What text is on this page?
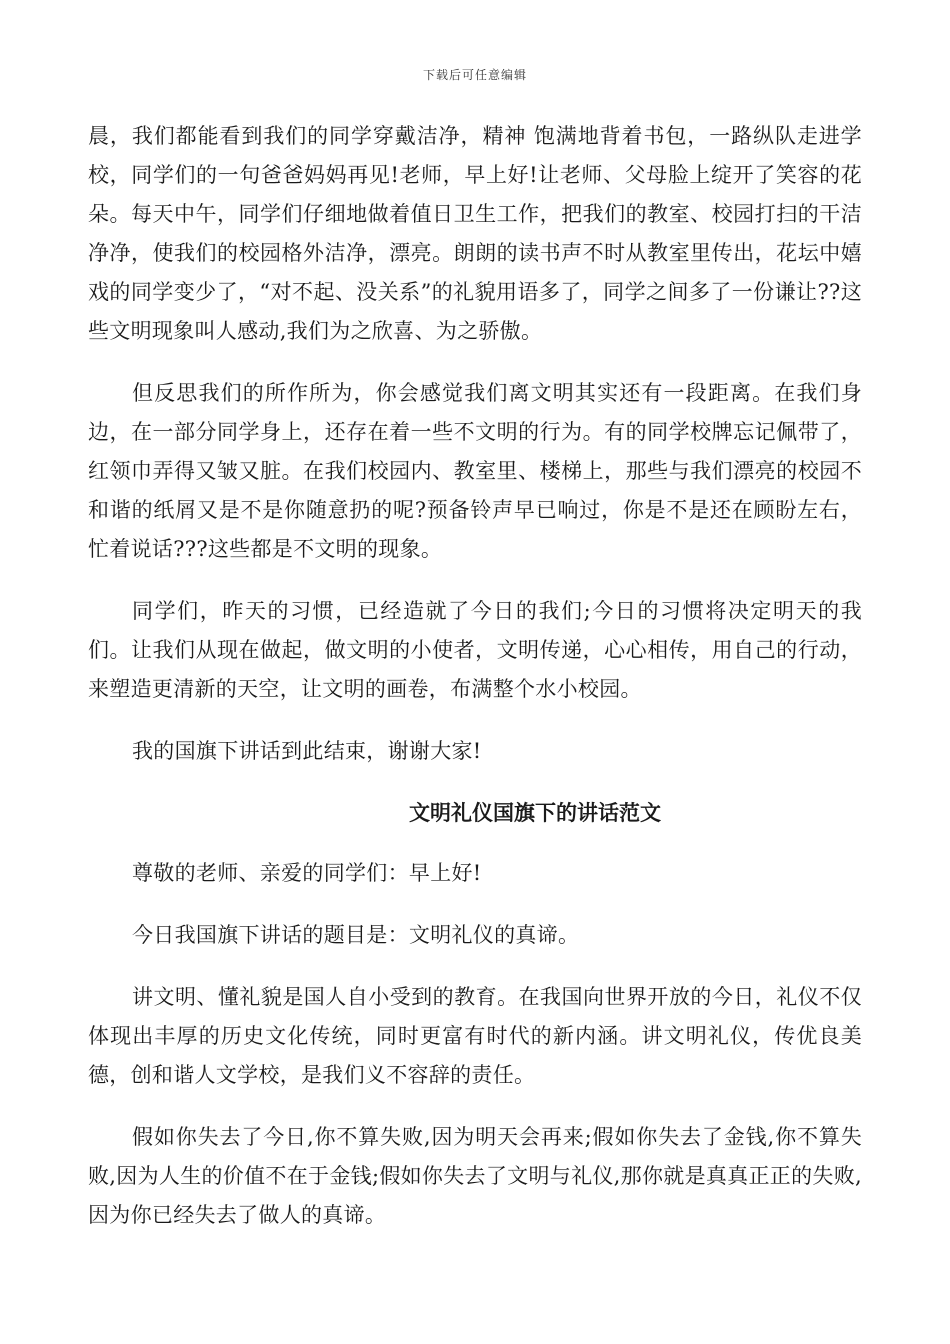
下载后可任意编辑

晨，我们都能看到我们的同学穿戴洁净，精神 饱满地背着书包，一路纵队走进学校，同学们的一句爸爸妈妈再见!老师，早上好!让老师、父母脸上绽开了笑容的花朵。每天中午，同学们仔细地做着值日卫生工作，把我们的教室、校园打扫的干洁净净，使我们的校园格外洁净，漂亮。朗朗的读书声不时从教室里传出，花坛中嬉戏的同学变少了，“对不起、没关系”的礼貌用语多了，同学之间多了一份谦让??这些文明现象叫人感动,我们为之欣喜、为之骄傲。

但反思我们的所作所为，你会感觉我们离文明其实还有一段距离。在我们身边，在一部分同学身上，还存在着一些不文明的行为。有的同学校牌忘记佩带了，红领巾弄得又皱又脏。在我们校园内、教室里、楼梯上，那些与我们漂亮的校园不和谐的纸屑又是不是你随意扔的呢?预备铃声早已响过，你是不是还在顾盼左右，忙着说话???这些都是不文明的现象。

同学们，昨天的习惯，已经造就了今日的我们;今日的习惯将决定明天的我们。让我们从现在做起，做文明的小使者，文明传递，心心相传，用自己的行动，来塑造更清新的天空，让文明的画卷，布满整个水小校园。

我的国旗下讲话到此结束，谢谢大家!

文明礼仪国旗下的讲话范文

尊敬的老师、亲爱的同学们：早上好!

今日我国旗下讲话的题目是：文明礼仪的真谛。

讲文明、懂礼貌是国人自小受到的教育。在我国向世界开放的今日，礼仪不仅体现出丰厚的历史文化传统，同时更富有时代的新内涵。讲文明礼仪，传优良美德，创和谐人文学校，是我们义不容辞的责任。

假如你失去了今日,你不算失败,因为明天会再来;假如你失去了金钱,你不算失败,因为人生的价值不在于金钱;假如你失去了文明与礼仪,那你就是真真正正的失败,因为你已经失去了做人的真谛。
